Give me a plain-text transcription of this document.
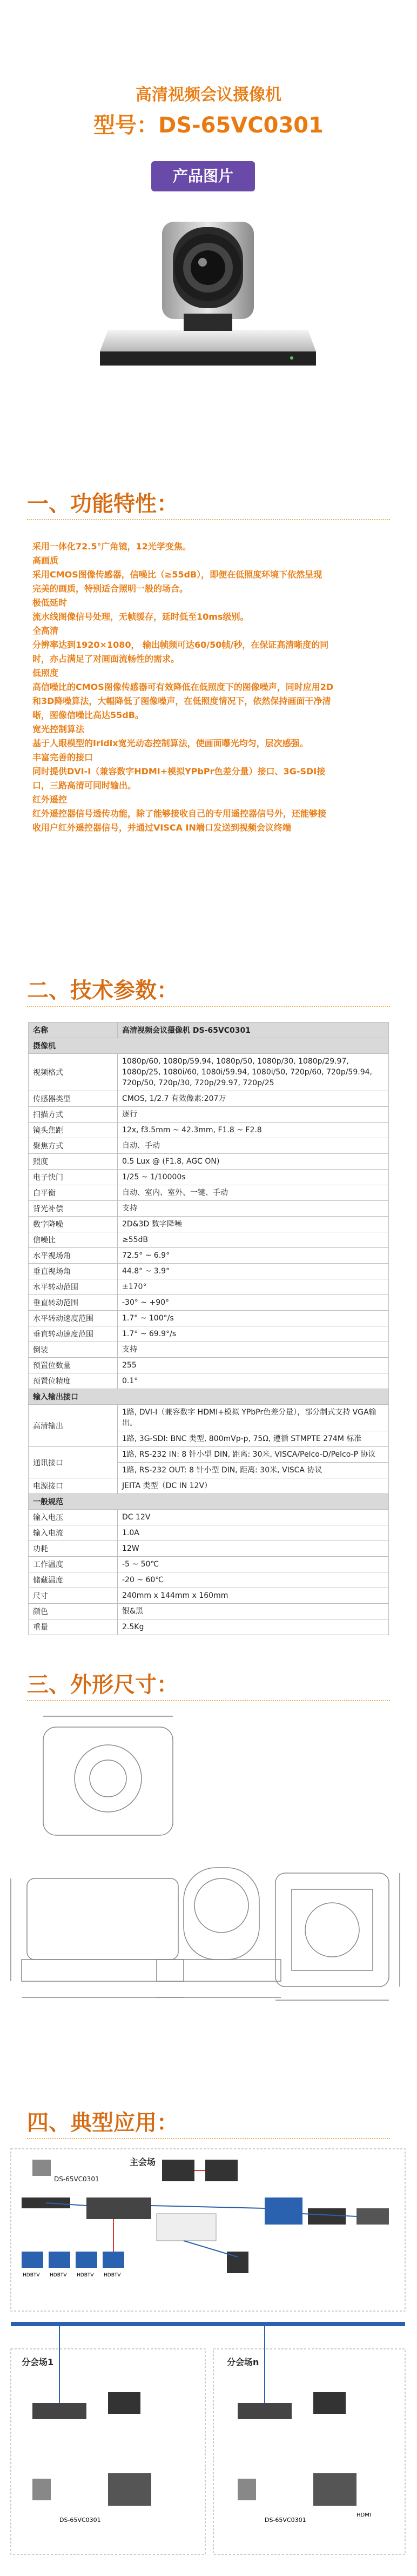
高清视频会议摄像机
型号：DS-65VC0301
产品图片
一、功能特性：

采用一体化72.5°广角镜，12光学变焦。

高画质

采用CMOS图像传感器，信噪比（≥55dB），即便在低照度环境下依然呈现

完美的画质，特别适合照明一般的场合。

极低延时

流水线图像信号处理，无帧缓存，延时低至10ms级别。

全高清

分辨率达到1920×1080， 输出帧频可达60/50帧/秒，在保证高清晰度的同

时，亦占满足了对画面流畅性的需求。

低照度

高信噪比的CMOS图像传感器可有效降低在低照度下的图像噪声，同时应用2D

和3D降噪算法，大幅降低了图像噪声，在低照度情况下，依然保持画面干净清

晰，图像信噪比高达55dB。

宽光控制算法

基于人眼模型的Iridix宽光动态控制算法，使画面曝光均匀，层次感强。

丰富完善的接口

同时提供DVI-I（兼容数字HDMI+模拟YPbPr色差分量）接口、3G-SDI接

口，三路高清可同时输出。

红外遥控

红外遥控器信号透传功能，除了能够接收自己的专用遥控器信号外，还能够接

收用户红外遥控器信号，并通过VISCA IN端口发送到视频会议终端

二、技术参数：
名称	高清视频会议摄像机 DS-65VC0301
摄像机	
视频格式	1080p/60, 1080p/59.94, 1080p/50, 1080p/30, 1080p/29.97, 1080p/25, 1080i/60, 1080i/59.94, 1080i/50, 720p/60, 720p/59.94, 720p/50, 720p/30, 720p/29.97, 720p/25
传感器类型	CMOS, 1/2.7 有效像素:207万
扫描方式	逐行
镜头焦距	12x, f3.5mm ~ 42.3mm, F1.8 ~ F2.8
聚焦方式	自动、手动
照度	0.5 Lux @ (F1.8, AGC ON)
电子快门	1/25 ~ 1/10000s
白平衡	自动、室内、室外、一键、手动
背光补偿	支持
数字降噪	2D&3D 数字降噪
信噪比	≥55dB
水平视场角	72.5° ~ 6.9°
垂直视场角	44.8° ~ 3.9°
水平转动范围	±170°
垂直转动范围	-30° ~ +90°
水平转动速度范围	1.7° ~ 100°/s
垂直转动速度范围	1.7° ~ 69.9°/s
倒装	支持
预置位数量	255
预置位精度	0.1°
输入输出接口	
高清输出	1路, DVI-I（兼容数字 HDMI+模拟 YPbPr色差分量），部分制式支持 VGA输出。
	1路, 3G-SDI: BNC 类型, 800mVp-p, 75Ω, 遵循 STMPTE 274M 标准
通讯接口	1路, RS-232 IN: 8 针小型 DIN, 距离: 30米, VISCA/Pelco-D/Pelco-P 协议
	1路, RS-232 OUT: 8 针小型 DIN, 距离: 30米, VISCA 协议
电源接口	JEITA 类型（DC IN 12V）
一般规范	
输入电压	DC 12V
输入电流	1.0A
功耗	12W
工作温度	-5 ~ 50℃
储藏温度	-20 ~ 60℃
尺寸	240mm x 144mm x 160mm
颜色	银&黑
重量	2.5Kg
三、外形尺寸：
四、典型应用：
主会场
DS-65VC0301
HDBTV HDBTV HDBTV HDBTV
分会场1	分会场n
HDMI
DS-65VC0301	DS-65VC0301
